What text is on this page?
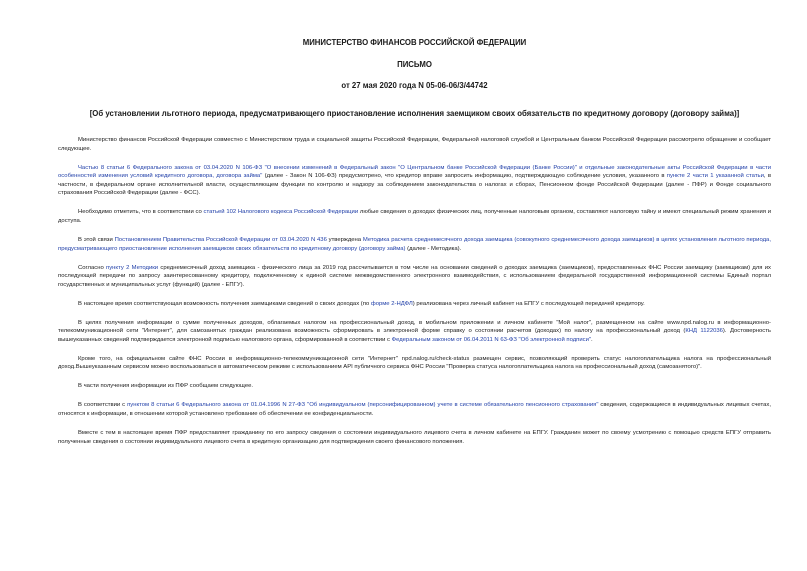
МИНИСТЕРСТВО ФИНАНСОВ РОССИЙСКОЙ ФЕДЕРАЦИИ
ПИСЬМО
от 27 мая 2020 года N 05-06-06/3/44742
[Об установлении льготного периода, предусматривающего приостановление исполнения заемщиком своих обязательств по кредитному договору (договору займа)]

Министерство финансов Российской Федерации совместно с Министерством труда и социальной защиты Российской Федерации, Федеральной налоговой службой и Центральным банком Российской Федерации рассмотрело обращение и сообщает следующее.

Частью 8 статьи 6 Федерального закона от 03.04.2020 N 106-ФЗ "О внесении изменений в Федеральный закон "О Центральном банке Российской Федерации (Банке России)" и отдельные законодательные акты Российской Федерации в части особенностей изменения условий кредитного договора, договора займа" (далее - Закон N 106-ФЗ) предусмотрено, что кредитор вправе запросить информацию, подтверждающую соблюдение условия, указанного в пункте 2 части 1 указанной статьи, в частности, в федеральном органе исполнительной власти, осуществляющем функции по контролю и надзору за соблюдением законодательства о налогах и сборах, Пенсионном фонде Российской Федерации (далее - ПФР) и Фонде социального страхования Российской Федерации (далее - ФСС).

Необходимо отметить, что в соответствии со статьей 102 Налогового кодекса Российской Федерации любые сведения о доходах физических лиц, полученные налоговым органом, составляют налоговую тайну и имеют специальный режим хранения и доступа.

В этой связи Постановлением Правительства Российской Федерации от 03.04.2020 N 436 утверждена Методика расчета среднемесячного дохода заемщика (совокупного среднемесячного дохода заемщиков) в целях установления льготного периода, предусматривающего приостановление исполнения заемщиком своих обязательств по кредитному договору (договору займа) (далее - Методика).

Согласно пункту 2 Методики среднемесячный доход заемщика - физического лица за 2019 год рассчитывается в том числе на основании сведений о доходах заемщика (заемщиков), предоставленных ФНС России заемщику (заемщикам) для их последующей передачи по запросу заинтересованному кредитору, подключенному к единой системе межведомственного электронного взаимодействия, с использованием федеральной государственной информационной системы Единый портал государственных и муниципальных услуг (функций) (далее - ЕПГУ).

В настоящее время соответствующая возможность получения заемщиками сведений о своих доходах (по форме 2-НДФЛ) реализована через личный кабинет на ЕПГУ с последующей передачей кредитору.

В целях получения информации о сумме полученных доходов, облагаемых налогом на профессиональный доход, в мобильном приложении и личном кабинете "Мой налог", размещенном на сайте www.npd.nalog.ru в информационно-телекоммуникационной сети "Интернет", для самозанятых граждан реализована возможность сформировать в электронной форме справку о состоянии расчетов (доходах) по налогу на профессиональный доход (КНД 1122036). Достоверность вышеуказанных сведений подтверждается электронной подписью налогового органа, сформированной в соответствии с Федеральным законом от 06.04.2011 N 63-ФЗ "Об электронной подписи".

Кроме того, на официальном сайте ФНС России в информационно-телекоммуникационной сети "Интернет" npd.nalog.ru/check-status размещен сервис, позволяющий проверить статус налогоплательщика налога на профессиональный доход.Вышеуказанным сервисом можно воспользоваться в автоматическом режиме с использованием API публичного сервиса ФНС России "Проверка статуса налогоплательщика налога на профессиональный доход (самозанятого)".

В части получения информации из ПФР сообщаем следующее.

В соответствии с пунктом 8 статьи 6 Федерального закона от 01.04.1996 N 27-ФЗ "Об индивидуальном (персонифицированном) учете в системе обязательного пенсионного страхования" сведения, содержащиеся в индивидуальных лицевых счетах, относятся к информации, в отношении которой установлено требование об обеспечении ее конфиденциальности.

Вместе с тем в настоящее время ПФР предоставляет гражданину по его запросу сведения о состоянии индивидуального лицевого счета в личном кабинете на ЕПГУ. Гражданин может по своему усмотрению с помощью средств ЕПГУ отправить полученные сведения о состоянии индивидуального лицевого счета в кредитную организацию для подтверждения своего финансового положения.
